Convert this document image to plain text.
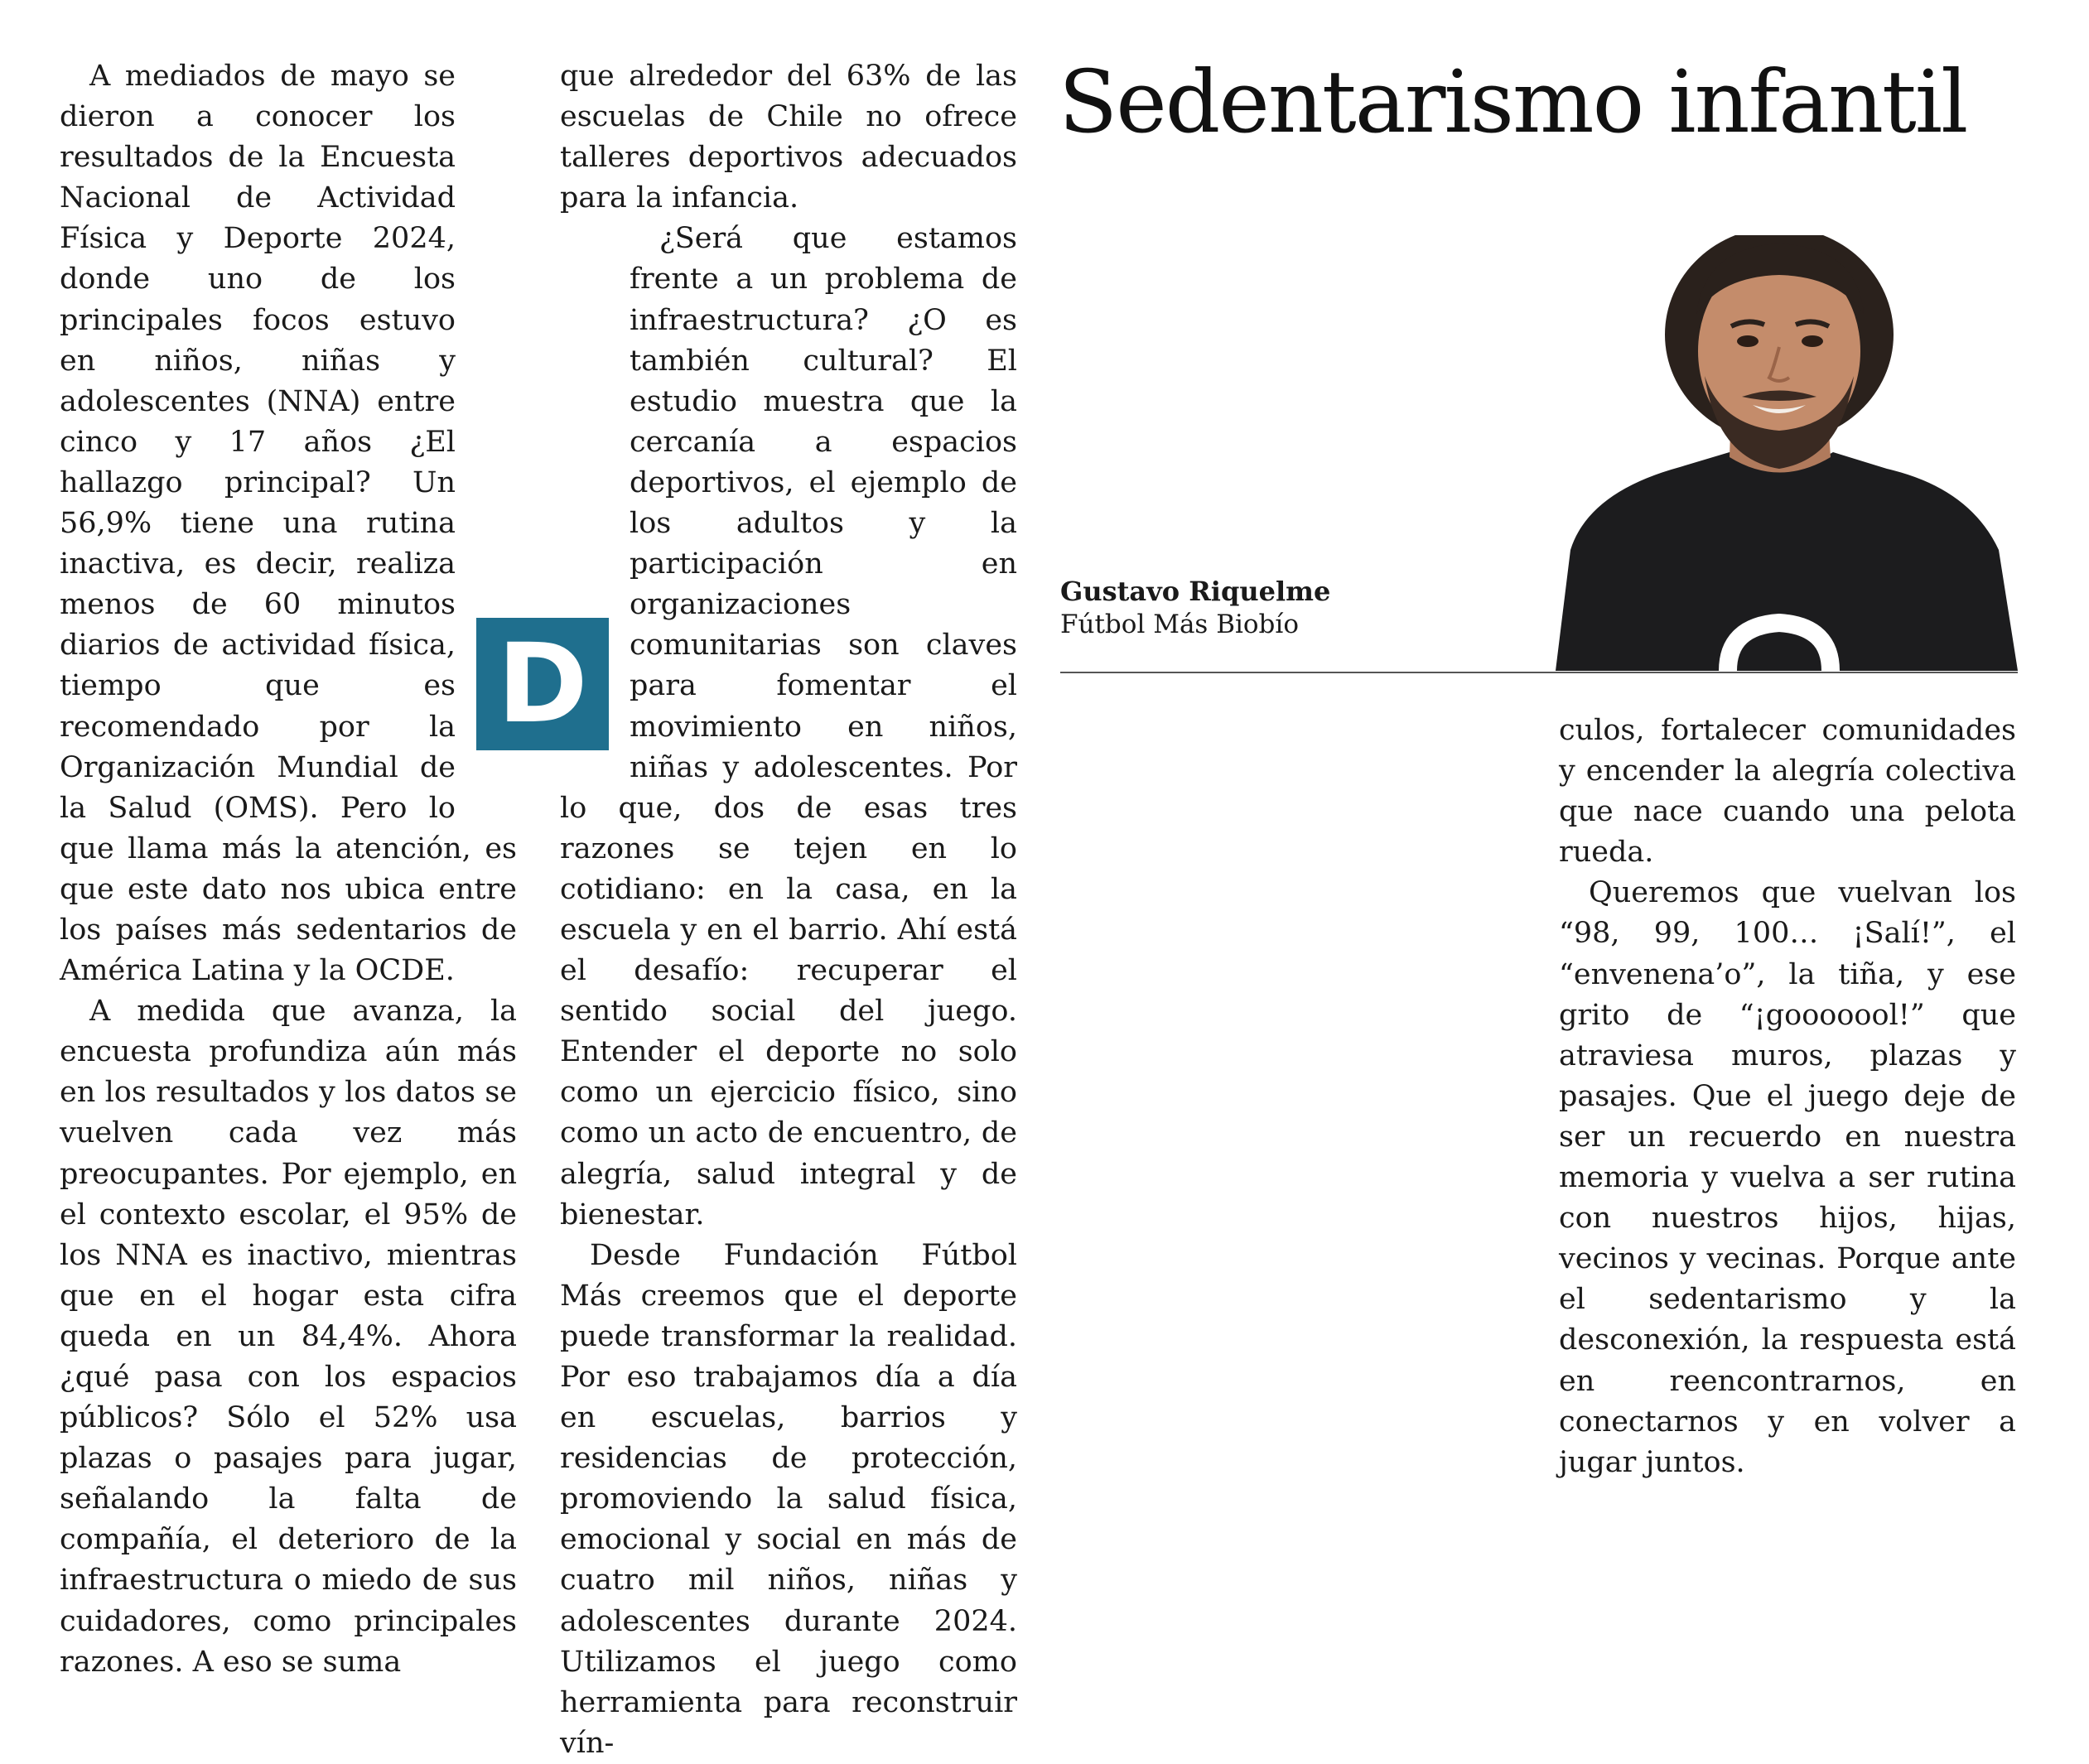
A mediados de mayo se dieron a conocer los resultados de la Encuesta Nacional de Actividad Física y Deporte 2024, donde uno de los principales focos estuvo en niños, niñas y adolescentes (NNA) entre cinco y 17 años ¿El hallazgo principal? Un 56,9% tiene una rutina inactiva, es decir, realiza menos de 60 minutos diarios de actividad física, tiempo que es recomendado por la Organización Mundial de la Salud (OMS). Pero lo que llama más la atención, es que este dato nos ubica entre los países más sedentarios de América Latina y la OCDE.

A medida que avanza, la encuesta profundiza aún más en los resultados y los datos se vuelven cada vez más preocupantes. Por ejemplo, en el contexto escolar, el 95% de los NNA es inactivo, mientras que en el hogar esta cifra queda en un 84,4%. Ahora ¿qué pasa con los espacios públicos? Sólo el 52% usa plazas o pasajes para jugar, señalando la falta de compañía, el deterioro de la infraestructura o miedo de sus cuidadores, como principales razones. A eso se suma

que alrededor del 63% de las escuelas de Chile no ofrece talleres deportivos adecuados para la infancia.

¿Será que estamos frente a un problema de infraestructura? ¿O es también cultural? El estudio muestra que la cercanía a espacios deportivos, el ejemplo de los adultos y la participación en organizaciones comunitarias son claves para fomentar el movimiento en niños, niñas y adolescentes. Por lo que, dos de esas tres razones se tejen en lo cotidiano: en la casa, en la escuela y en el barrio. Ahí está el desafío: recuperar el sentido social del juego. Entender el deporte no solo como un ejercicio físico, sino como un acto de encuentro, de alegría, salud integral y de bienestar.

Desde Fundación Fútbol Más creemos que el deporte puede transformar la realidad. Por eso trabajamos día a día en escuelas, barrios y residencias de protección, promoviendo la salud física, emocional y social en más de cuatro mil niños, niñas y adolescentes durante 2024. Utilizamos el juego como herramienta para reconstruir vín-

D
Sedentarismo infantil
Gustavo Riquelme
Fútbol Más Biobío

culos, fortalecer comunidades y encender la alegría colectiva que nace cuando una pelota rueda.

Queremos que vuelvan los “98, 99, 100… ¡Salí!”, el “envenena’o”, la tiña, y ese grito de “¡gooooool!” que atraviesa muros, plazas y pasajes. Que el juego deje de ser un recuerdo en nuestra memoria y vuelva a ser rutina con nuestros hijos, hijas, vecinos y vecinas. Porque ante el sedentarismo y la desconexión, la respuesta está en reencontrarnos, en conectarnos y en volver a jugar juntos.
